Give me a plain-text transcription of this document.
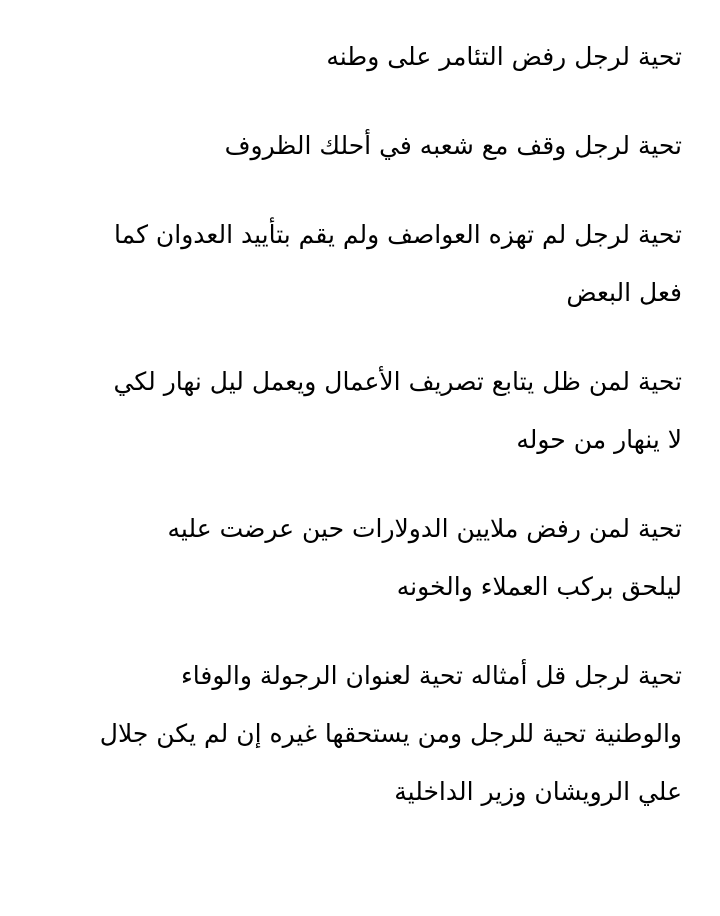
تحية لرجل رفض التئامر على وطنه
تحية لرجل وقف مع شعبه في أحلك الظروف
تحية لرجل لم تهزه العواصف ولم يقم بتأييد العدوان كما
فعل البعض
تحية لمن ظل يتابع تصريف الأعمال ويعمل ليل نهار لكي
لا ينهار من حوله
تحية لمن رفض ملايين الدولارات حين عرضت عليه
ليلحق بركب العملاء والخونه
تحية لرجل قل أمثاله تحية لعنوان الرجولة والوفاء
والوطنية تحية للرجل ومن يستحقها غيره إن لم يكن جلال
علي الرويشان وزير الداخلية
